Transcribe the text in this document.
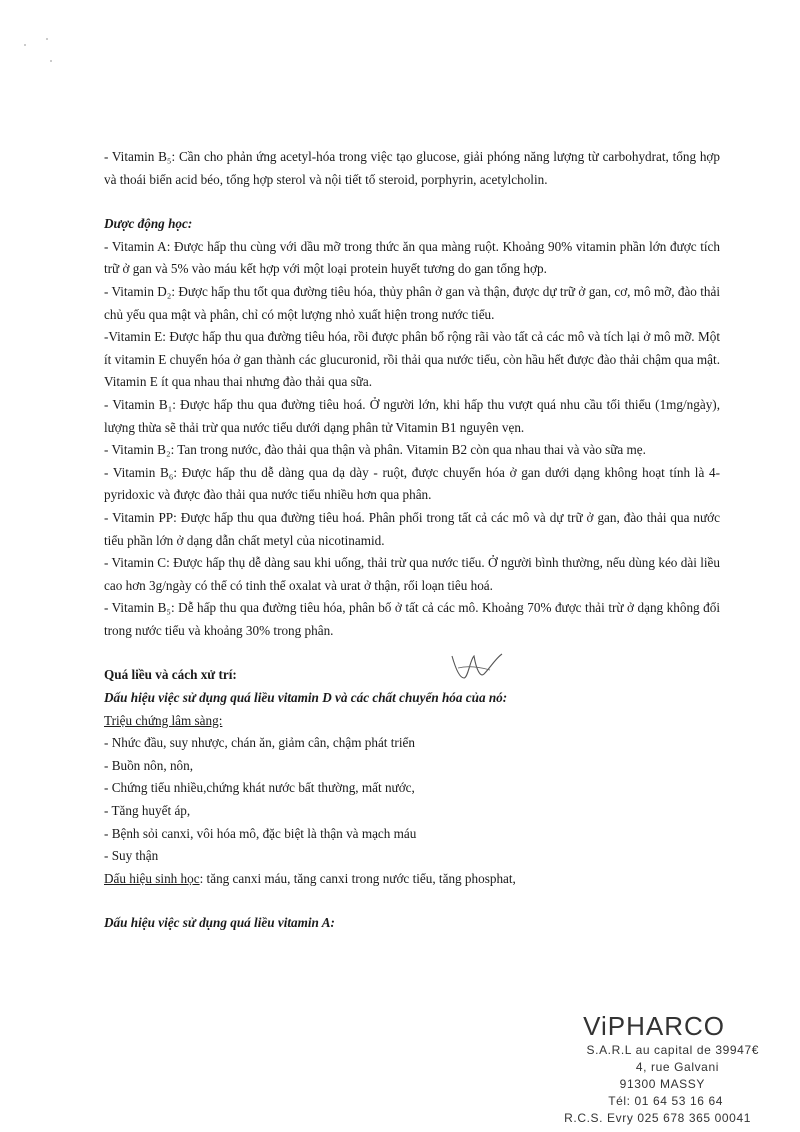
- Vitamin B₅: Cần cho phản ứng acetyl-hóa trong việc tạo glucose, giải phóng năng lượng từ carbohydrat, tổng hợp và thoái biến acid béo, tổng hợp sterol và nội tiết tố steroid, porphyrin, acetylcholin.

Dược động học:

- Vitamin A: Được hấp thu cùng với dầu mỡ trong thức ăn qua màng ruột. Khoảng 90% vitamin phần lớn được tích trữ ở gan và 5% vào máu kết hợp với một loại protein huyết tương do gan tổng hợp.

- Vitamin D₂: Được hấp thu tốt qua đường tiêu hóa, thủy phân ở gan và thận, được dự trữ ở gan, cơ, mô mỡ, đào thải chủ yếu qua mật và phân, chỉ có một lượng nhỏ xuất hiện trong nước tiểu.

-Vitamin E: Được hấp thu qua đường tiêu hóa, rồi được phân bố rộng rãi vào tất cả các mô và tích lại ở mô mỡ. Một ít vitamin E chuyển hóa ở gan thành các glucuronid, rồi thải qua nước tiểu, còn hầu hết được đào thải chậm qua mật. Vitamin E ít qua nhau thai nhưng đào thải qua sữa.

- Vitamin B₁: Được hấp thu qua đường tiêu hoá. Ở người lớn, khi hấp thu vượt quá nhu cầu tối thiểu (1mg/ngày), lượng thừa sẽ thải trừ qua nước tiểu dưới dạng phân tử Vitamin B1 nguyên vẹn.

- Vitamin B₂: Tan trong nước, đào thải qua thận và phân. Vitamin B2 còn qua nhau thai và vào sữa mẹ.

- Vitamin B₆: Được hấp thu dễ dàng qua dạ dày - ruột, được chuyển hóa ở gan dưới dạng không hoạt tính là 4-pyridoxic và được đào thải qua nước tiểu nhiều hơn qua phân.

- Vitamin PP: Được hấp thu qua đường tiêu hoá. Phân phối trong tất cả các mô và dự trữ ở gan, đào thải qua nước tiểu phần lớn ở dạng dẫn chất metyl của nicotinamid.

- Vitamin C: Được hấp thụ dễ dàng sau khi uống, thải trừ qua nước tiểu. Ở người bình thường, nếu dùng kéo dài liều cao hơn 3g/ngày có thể có tinh thể oxalat và urat ở thận, rối loạn tiêu hoá.

- Vitamin B₅: Dễ hấp thu qua đường tiêu hóa, phân bố ở tất cả các mô. Khoảng 70% được thải trừ ở dạng không đổi trong nước tiểu và khoảng 30% trong phân.

Quá liều và cách xử trí:

Dấu hiệu việc sử dụng quá liều vitamin D và các chất chuyển hóa của nó:

Triệu chứng lâm sàng:

- Nhức đầu, suy nhược, chán ăn, giảm cân, chậm phát triển

- Buồn nôn, nôn,

- Chứng tiểu nhiều,chứng khát nước bất thường, mất nước,

- Tăng huyết áp,

- Bệnh sỏi canxi, vôi hóa mô, đặc biệt là thận và mạch máu

- Suy thận

Dấu hiệu sinh học: tăng canxi máu, tăng canxi trong nước tiểu, tăng phosphat,

Dấu hiệu việc sử dụng quá liều vitamin A:

ViPHARCO
S.A.R.L au capital de 39947€
4, rue Galvani
91300 MASSY
Tél: 01 64 53 16 64
R.C.S. Evry 025 678 365 00041
